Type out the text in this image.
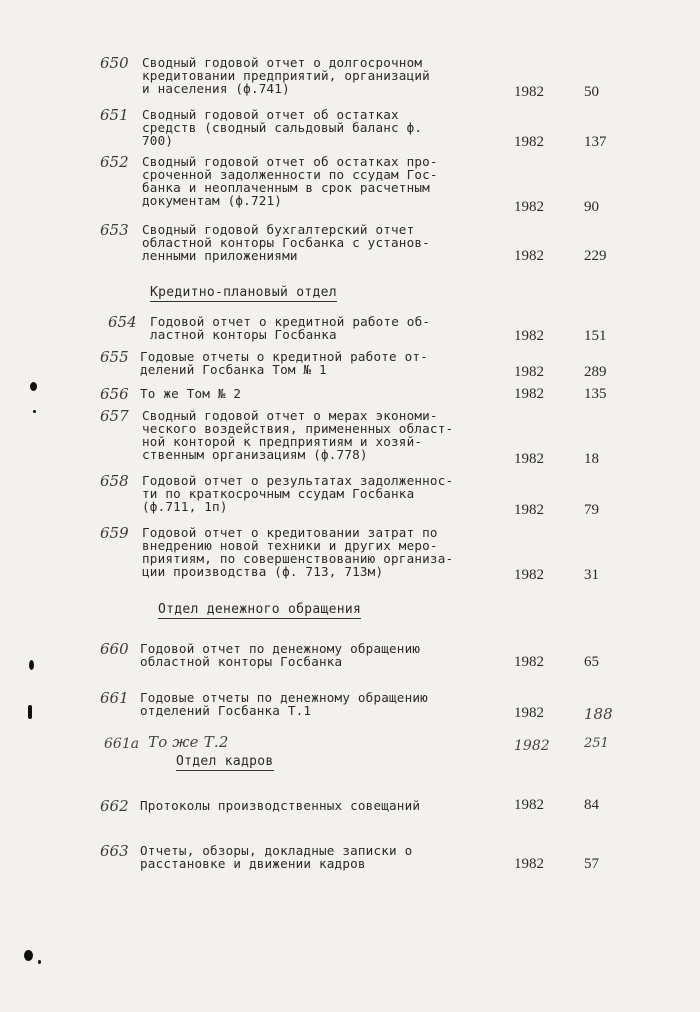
650	Сводный годовой отчет о долгосрочном
кредитовании предприятий, организаций
и населения (ф.741)	1982	50
651	Сводный годовой отчет об остатках
средств (сводный сальдовый баланс ф.
700)	1982	137
652	Сводный годовой отчет об остатках про-
сроченной задолженности по ссудам Гос-
банка и неоплаченным в срок расчетным
документам (ф.721)	1982	90
653	Сводный годовой бухгалтерский отчет
областной конторы Госбанка с установ-
ленными приложениями	1982	229
Кредитно-плановый отдел
654	Годовой отчет о кредитной работе об-
ластной конторы Госбанка	1982	151
655 Годовые отчеты о кредитной работе от-
делений Госбанка Том № 1	1982	289
656 То же Том № 2	1982	135
657	Сводный годовой отчет о мерах экономи-
ческого воздействия, примененных област-
ной конторой к предприятиям и хозяй-
ственным организациям (ф.778)	1982	18
658	Годовой отчет о результатах задолженнос-
ти по краткосрочным ссудам Госбанка
(ф.711, 1п)	1982	79
659	Годовой отчет о кредитовании затрат по
внедрению новой техники и других меро-
приятиям, по совершенствованию организа-
ции производства (ф. 713, 713м)	1982	31
Отдел денежного обращения
660 Годовой отчет по денежному обращению
областной конторы Госбанка	1982	65
661 Годовые отчеты по денежному обращению
отделений Госбанка Т.1	1982	188
661а То же Т.2	1982	251
Отдел кадров
662 Протоколы производственных совещаний	1982	84
663 Отчеты, обзоры, докладные записки о
расстановке и движении кадров	1982	57
